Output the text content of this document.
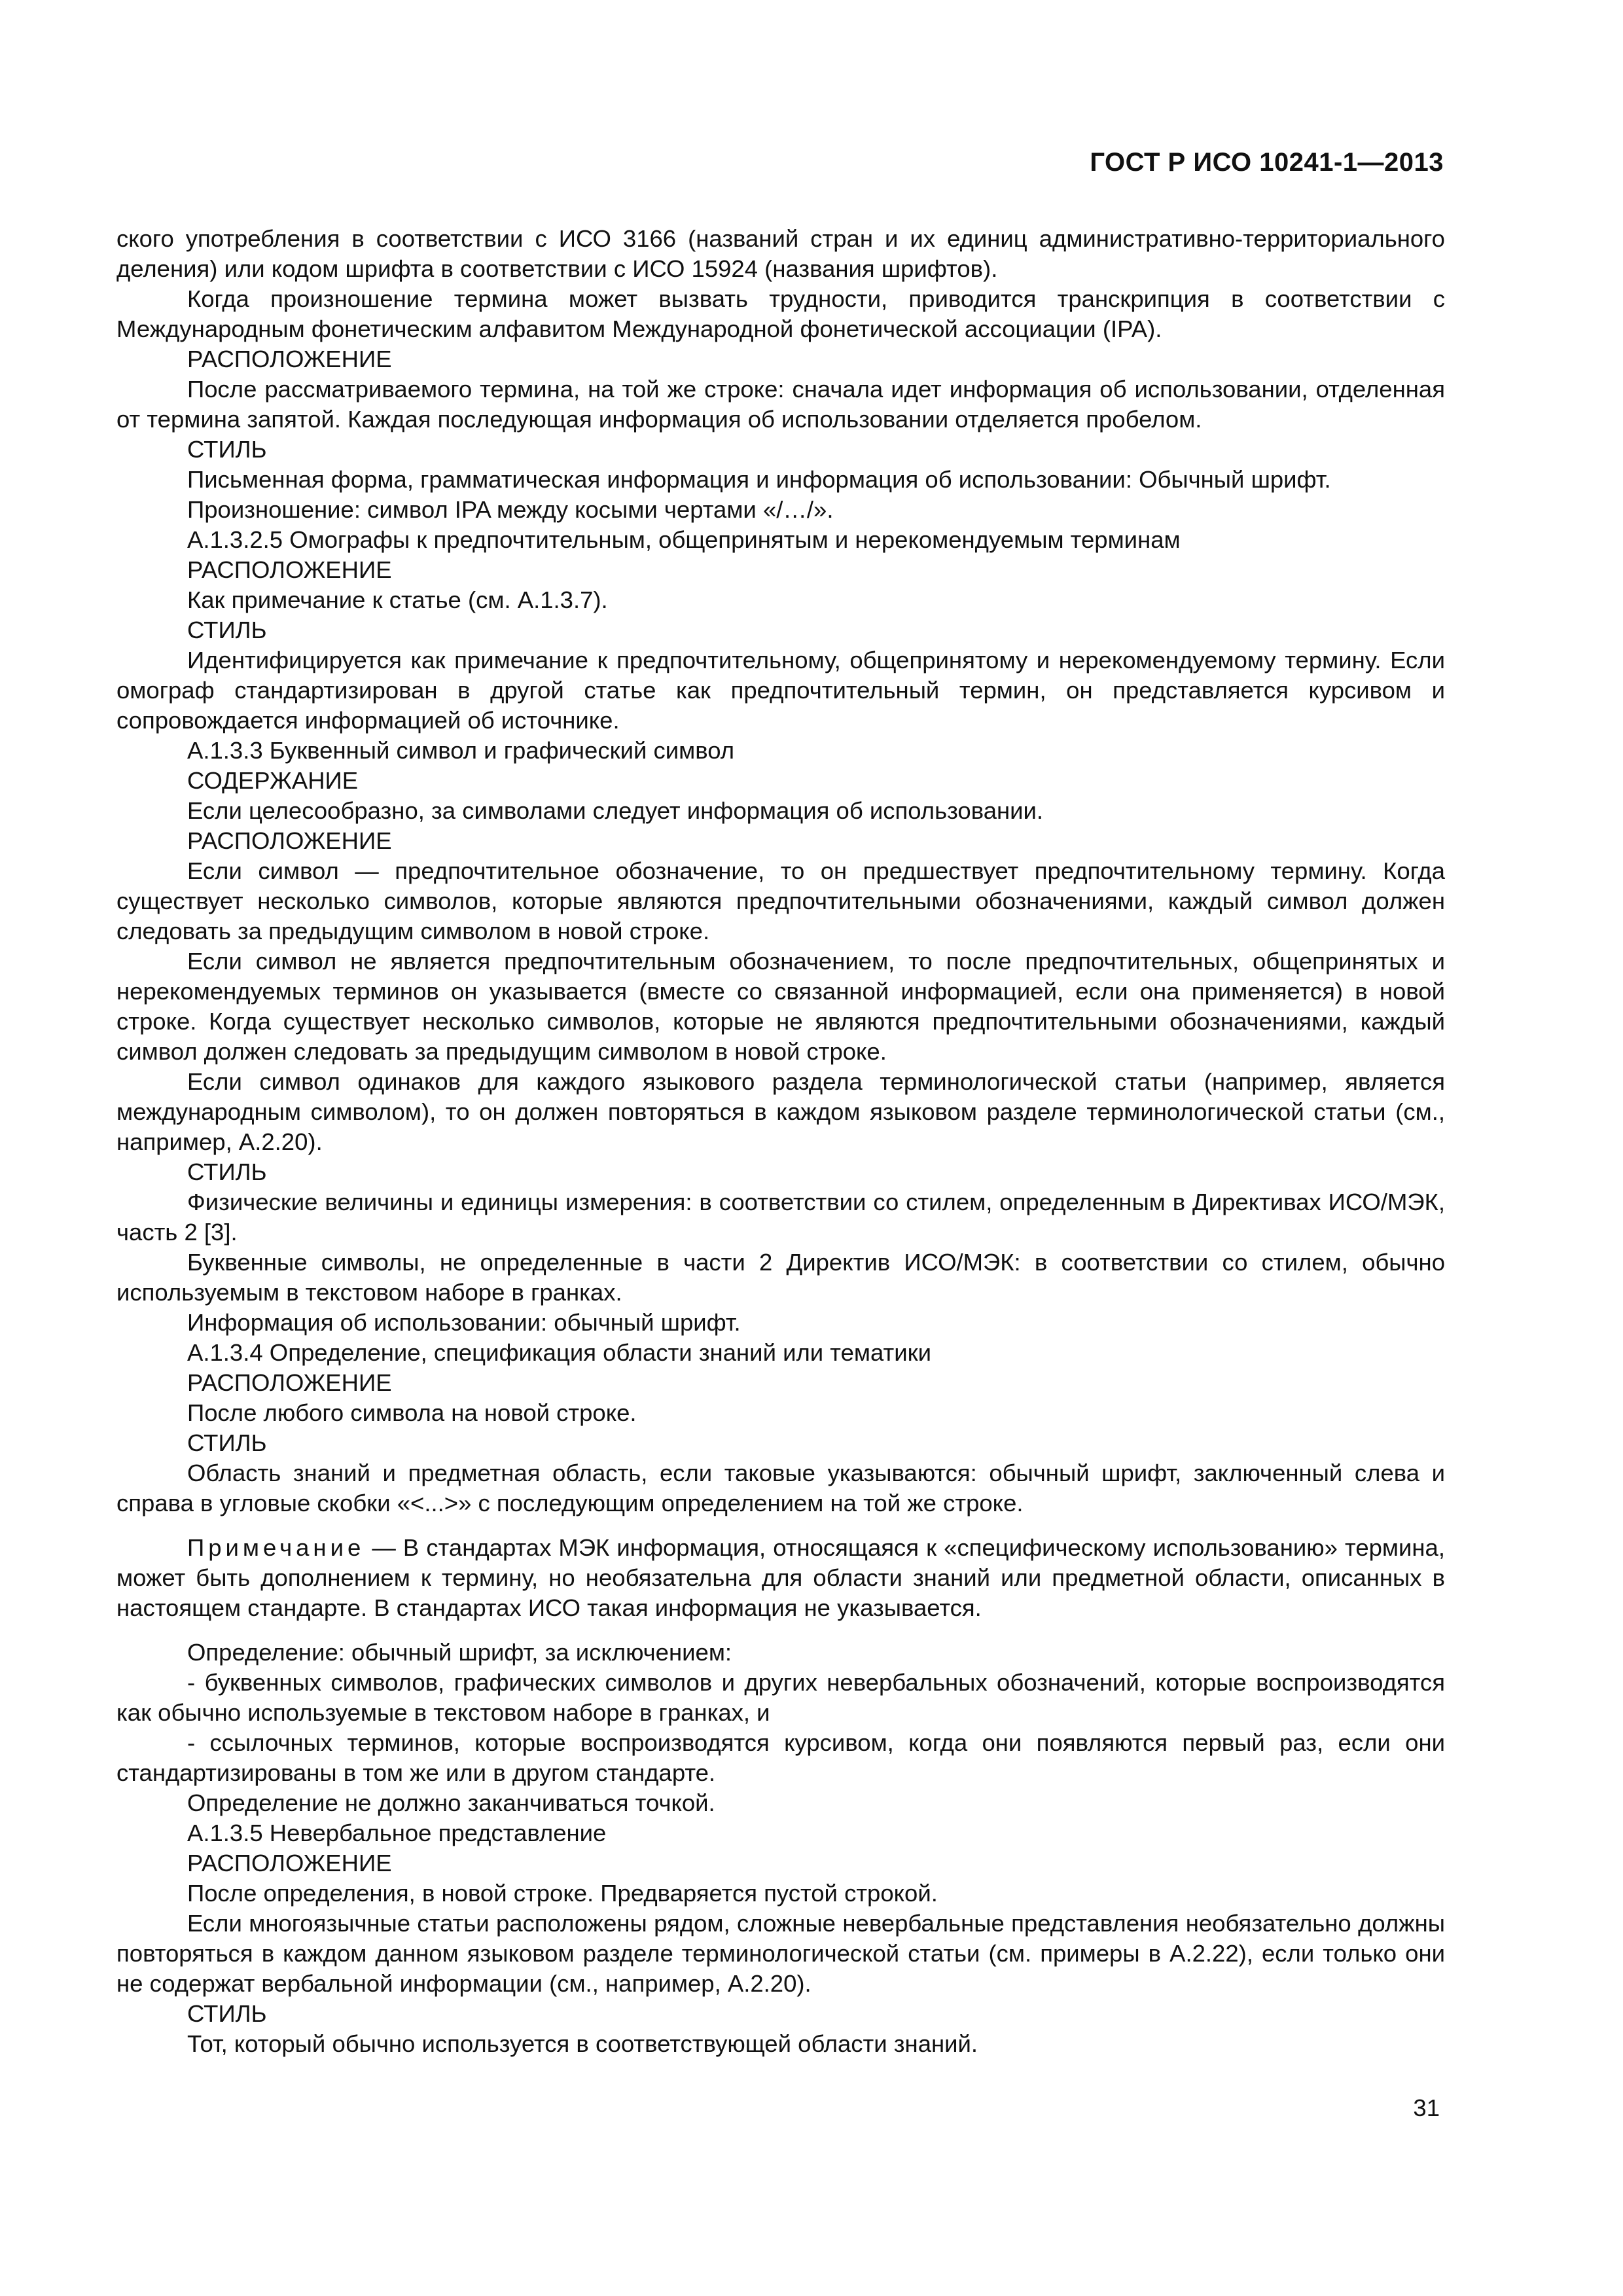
ГОСТ Р ИСО 10241-1—2013

ского употребления в соответствии с ИСО 3166 (названий стран и их единиц административно-территориального деления) или кодом шрифта в соответствии с ИСО 15924 (названия шрифтов).

Когда произношение термина может вызвать трудности, приводится транскрипция в соответствии с Международным фонетическим алфавитом Международной фонетической ассоциации (IPA).

РАСПОЛОЖЕНИЕ

После рассматриваемого термина, на той же строке: сначала идет информация об использовании, отделенная от термина запятой. Каждая последующая информация об использовании отделяется пробелом.

СТИЛЬ

Письменная форма, грамматическая информация и информация об использовании: Обычный шрифт.

Произношение: символ IPA между косыми чертами «/…/».

А.1.3.2.5 Омографы к предпочтительным, общепринятым и нерекомендуемым терминам

РАСПОЛОЖЕНИЕ

Как примечание к статье (см. А.1.3.7).

СТИЛЬ

Идентифицируется как примечание к предпочтительному, общепринятому и нерекомендуемому термину. Если омограф стандартизирован в другой статье как предпочтительный термин, он представляется курсивом и сопровождается информацией об источнике.

А.1.3.3 Буквенный символ и графический символ

СОДЕРЖАНИЕ

Если целесообразно, за символами следует информация об использовании.

РАСПОЛОЖЕНИЕ

Если символ — предпочтительное обозначение, то он предшествует предпочтительному термину. Когда существует несколько символов, которые являются предпочтительными обозначениями, каждый символ должен следовать за предыдущим символом в новой строке.

Если символ не является предпочтительным обозначением, то после предпочтительных, общепринятых и нерекомендуемых терминов он указывается (вместе со связанной информацией, если она применяется) в новой строке. Когда существует несколько символов, которые не являются предпочтительными обозначениями, каждый символ должен следовать за предыдущим символом в новой строке.

Если символ одинаков для каждого языкового раздела терминологической статьи (например, является международным символом), то он должен повторяться в каждом языковом разделе терминологической статьи (см., например, А.2.20).

СТИЛЬ

Физические величины и единицы измерения: в соответствии со стилем, определенным в Директивах ИСО/МЭК, часть 2 [3].

Буквенные символы, не определенные в части 2 Директив ИСО/МЭК: в соответствии со стилем, обычно используемым в текстовом наборе в гранках.

Информация об использовании: обычный шрифт.

А.1.3.4 Определение, спецификация области знаний или тематики

РАСПОЛОЖЕНИЕ

После любого символа на новой строке.

СТИЛЬ

Область знаний и предметная область, если таковые указываются: обычный шрифт, заключенный слева и справа в угловые скобки «<...>» с последующим определением на той же строке.

Примечание — В стандартах МЭК информация, относящаяся к «специфическому использованию» термина, может быть дополнением к термину, но необязательна для области знаний или предметной области, описанных в настоящем стандарте. В стандартах ИСО такая информация не указывается.

Определение: обычный шрифт, за исключением:

- буквенных символов, графических символов и других невербальных обозначений, которые воспроизводятся как обычно используемые в текстовом наборе в гранках, и

- ссылочных терминов, которые воспроизводятся курсивом, когда они появляются первый раз, если они стандартизированы в том же или в другом стандарте.

Определение не должно заканчиваться точкой.

А.1.3.5 Невербальное представление

РАСПОЛОЖЕНИЕ

После определения, в новой строке. Предваряется пустой строкой.

Если многоязычные статьи расположены рядом, сложные невербальные представления необязательно должны повторяться в каждом данном языковом разделе терминологической статьи (см. примеры в А.2.22), если только они не содержат вербальной информации (см., например, А.2.20).

СТИЛЬ

Тот, который обычно используется в соответствующей области знаний.

31
